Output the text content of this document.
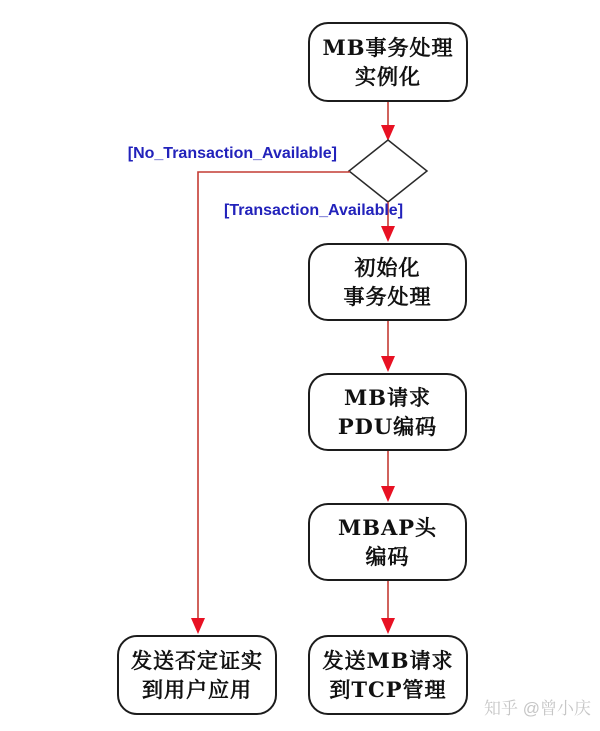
MB事务处理
实例化
初始化
事务处理
MB请求
PDU编码
MBAP头
编码
发送否定证实
到用户应用
发送MB请求
到TCP管理
[No_Transaction_Available]
[Transaction_Available]
知乎 @曾小庆
